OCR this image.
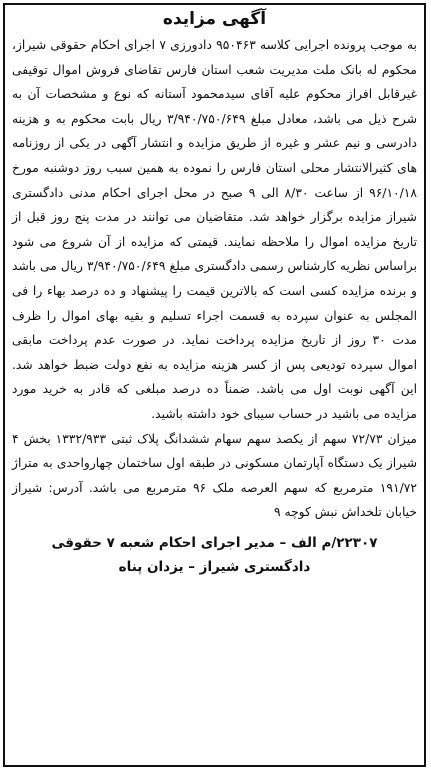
آگهی مزایده

به موجب پرونده اجرایی کلاسه ۹۵۰۴۶۳ دادورزی ۷ اجرای احکام حقوقی شیراز، محکوم له بانک ملت مدیریت شعب استان فارس تقاضای فروش اموال توقیفی غیرقابل افراز محکوم علیه آقای سیدمحمود آستانه که نوع و مشخصات آن به شرح ذیل می باشد، معادل مبلغ ۳/۹۴۰/۷۵۰/۶۴۹ ریال بابت محکوم به و هزینه دادرسی و نیم عشر و غیره از طریق مزایده و انتشار آگهی در یکی از روزنامه های کثیرالانتشار محلی استان فارس را نموده به همین سبب روز دوشنبه مورخ ۹۶/۱۰/۱۸ از ساعت ۸/۳۰ الی ۹ صبح در محل اجرای احکام مدنی دادگستری شیراز مزایده برگزار خواهد شد. متقاضیان می توانند در مدت پنج روز قبل از تاریخ مزایده اموال را ملاحظه نمایند. قیمتی که مزایده از آن شروع می شود براساس نظریه کارشناس رسمی دادگستری مبلغ ۳/۹۴۰/۷۵۰/۶۴۹ ریال می باشد و برنده مزایده کسی است که بالاترین قیمت را پیشنهاد و ده درصد بهاء را فی المجلس به عنوان سپرده به قسمت اجراء تسلیم و بقیه بهای اموال را ظرف مدت ۳۰ روز از تاریخ مزایده پرداخت نماید. در صورت عدم پرداخت مابقی اموال سپرده تودیعی پس از کسر هزینه مزایده به نفع دولت ضبط خواهد شد. این آگهی نوبت اول می باشد. ضمناً ده درصد مبلغی که قادر به خرید مورد مزایده می باشید در حساب سیبای خود داشته باشید.

میزان ۷۲/۷۳ سهم از یکصد سهم سهام ششدانگ پلاک ثبتی ۱۳۳۲/۹۳۳ بخش ۴ شیراز یک دستگاه آپارتمان مسکونی در طبقه اول ساختمان چهارواحدی به متراژ ۱۹۱/۷۲ مترمربع که سهم العرصه ملک ۹۶ مترمربع می باشد. آدرس: شیراز خیابان تلخداش نبش کوچه ۹

۲۲۳۰۷/م الف – مدیر اجرای احکام شعبه ۷ حقوقی
دادگستری شیراز – یزدان پناه
